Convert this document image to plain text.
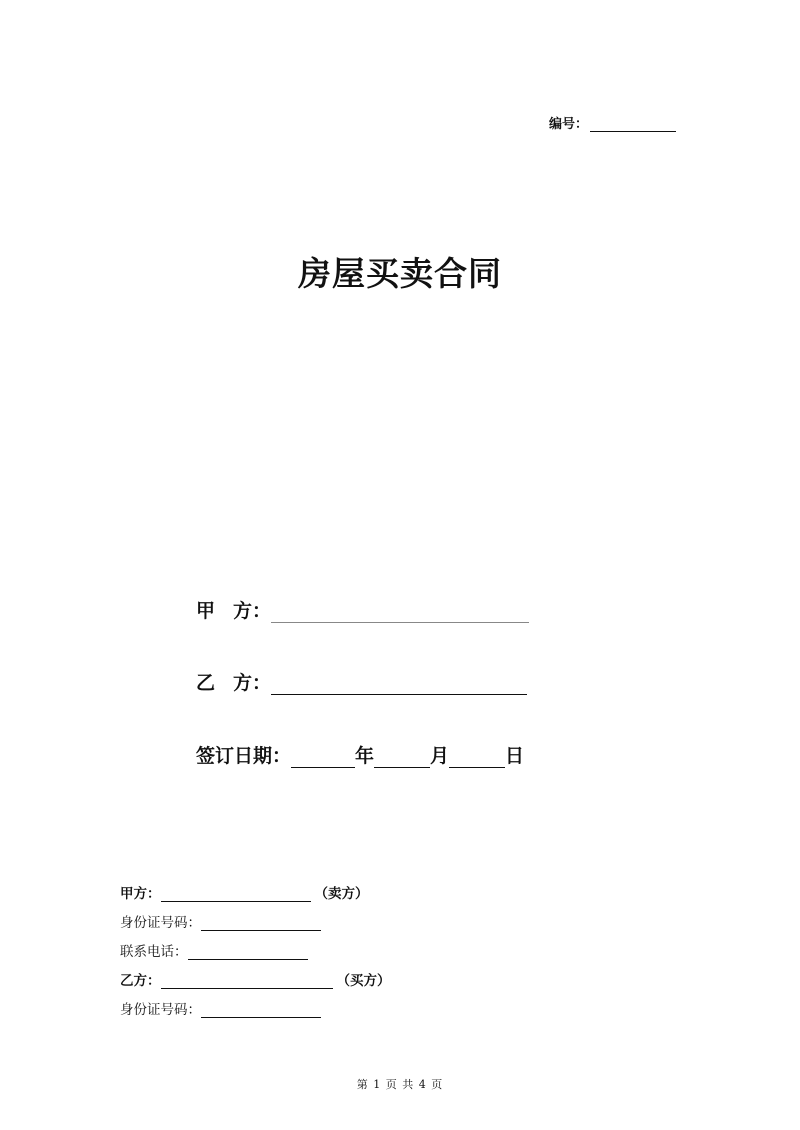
编号：
房屋买卖合同
甲 方：
乙 方：
签订日期：	年	月	日
甲方：	（卖方）
身份证号码：
联系电话：
乙方：	（买方）
身份证号码：
第 1 页 共 4 页
